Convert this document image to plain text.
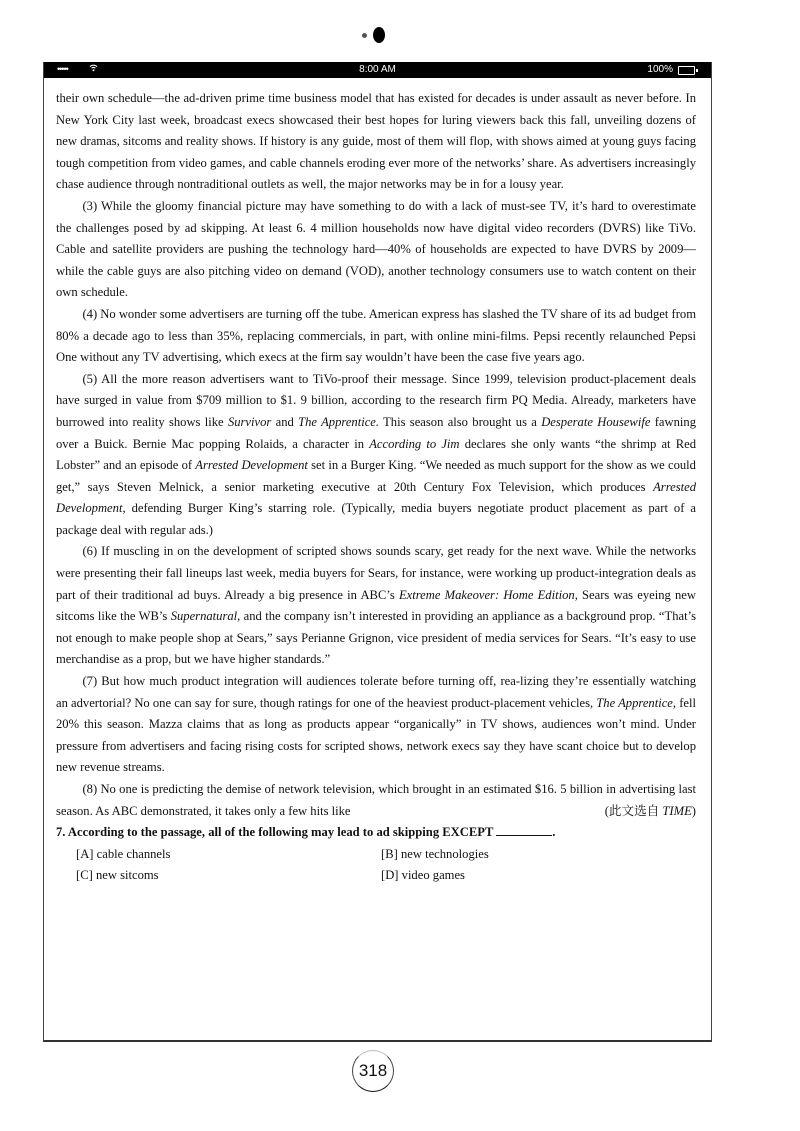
•••••	8:00 AM	100%

their own schedule—the ad-driven prime time business model that has existed for decades is under assault as never before. In New York City last week, broadcast execs showcased their best hopes for luring viewers back this fall, unveiling dozens of new dramas, sitcoms and reality shows. If history is any guide, most of them will flop, with shows aimed at young guys facing tough competition from video games, and cable channels eroding ever more of the networks’ share. As advertisers increasingly chase audience through nontraditional outlets as well, the major networks may be in for a lousy year.

(3) While the gloomy financial picture may have something to do with a lack of must-see TV, it’s hard to overestimate the challenges posed by ad skipping. At least 6. 4 million households now have digital video recorders (DVRS) like TiVo. Cable and satellite providers are pushing the technology hard—40% of households are expected to have DVRS by 2009—while the cable guys are also pitching video on demand (VOD), another technology consumers use to watch content on their own schedule.

(4) No wonder some advertisers are turning off the tube. American express has slashed the TV share of its ad budget from 80% a decade ago to less than 35%, replacing commercials, in part, with online mini-films. Pepsi recently relaunched Pepsi One without any TV advertising, which execs at the firm say wouldn’t have been the case five years ago.

(5) All the more reason advertisers want to TiVo-proof their message. Since 1999, television product-placement deals have surged in value from $709 million to $1. 9 billion, according to the research firm PQ Media. Already, marketers have burrowed into reality shows like Survivor and The Apprentice. This season also brought us a Desperate Housewife fawning over a Buick. Bernie Mac popping Rolaids, a character in According to Jim declares she only wants “the shrimp at Red Lobster” and an episode of Arrested Development set in a Burger King. “We needed as much support for the show as we could get,” says Steven Melnick, a senior marketing executive at 20th Century Fox Television, which produces Arrested Development, defending Burger King’s starring role. (Typically, media buyers negotiate product placement as part of a package deal with regular ads.)

(6) If muscling in on the development of scripted shows sounds scary, get ready for the next wave. While the networks were presenting their fall lineups last week, media buyers for Sears, for instance, were working up product-integration deals as part of their traditional ad buys. Already a big presence in ABC’s Extreme Makeover: Home Edition, Sears was eyeing new sitcoms like the WB’s Supernatural, and the company isn’t interested in providing an appliance as a background prop. “That’s not enough to make people shop at Sears,” says Perianne Grignon, vice president of media services for Sears. “It’s easy to use merchandise as a prop, but we have higher standards.”

(7) But how much product integration will audiences tolerate before turning off, rea-lizing they’re essentially watching an advertorial? No one can say for sure, though ratings for one of the heaviest product-placement vehicles, The Apprentice, fell 20% this season. Mazza claims that as long as products appear “organically” in TV shows, audiences won’t mind. Under pressure from advertisers and facing rising costs for scripted shows, network execs say they have scant choice but to develop new revenue streams.

(8) No one is predicting the demise of network television, which brought in an estimated $16. 5 billion in advertising last season. As ABC demonstrated, it takes only a few hits like	(此文选自 TIME)

7. According to the passage, all of the following may lead to ad skipping EXCEPT	.

[A] cable channels	[B] new technologies
[C] new sitcoms	[D] video games
318
